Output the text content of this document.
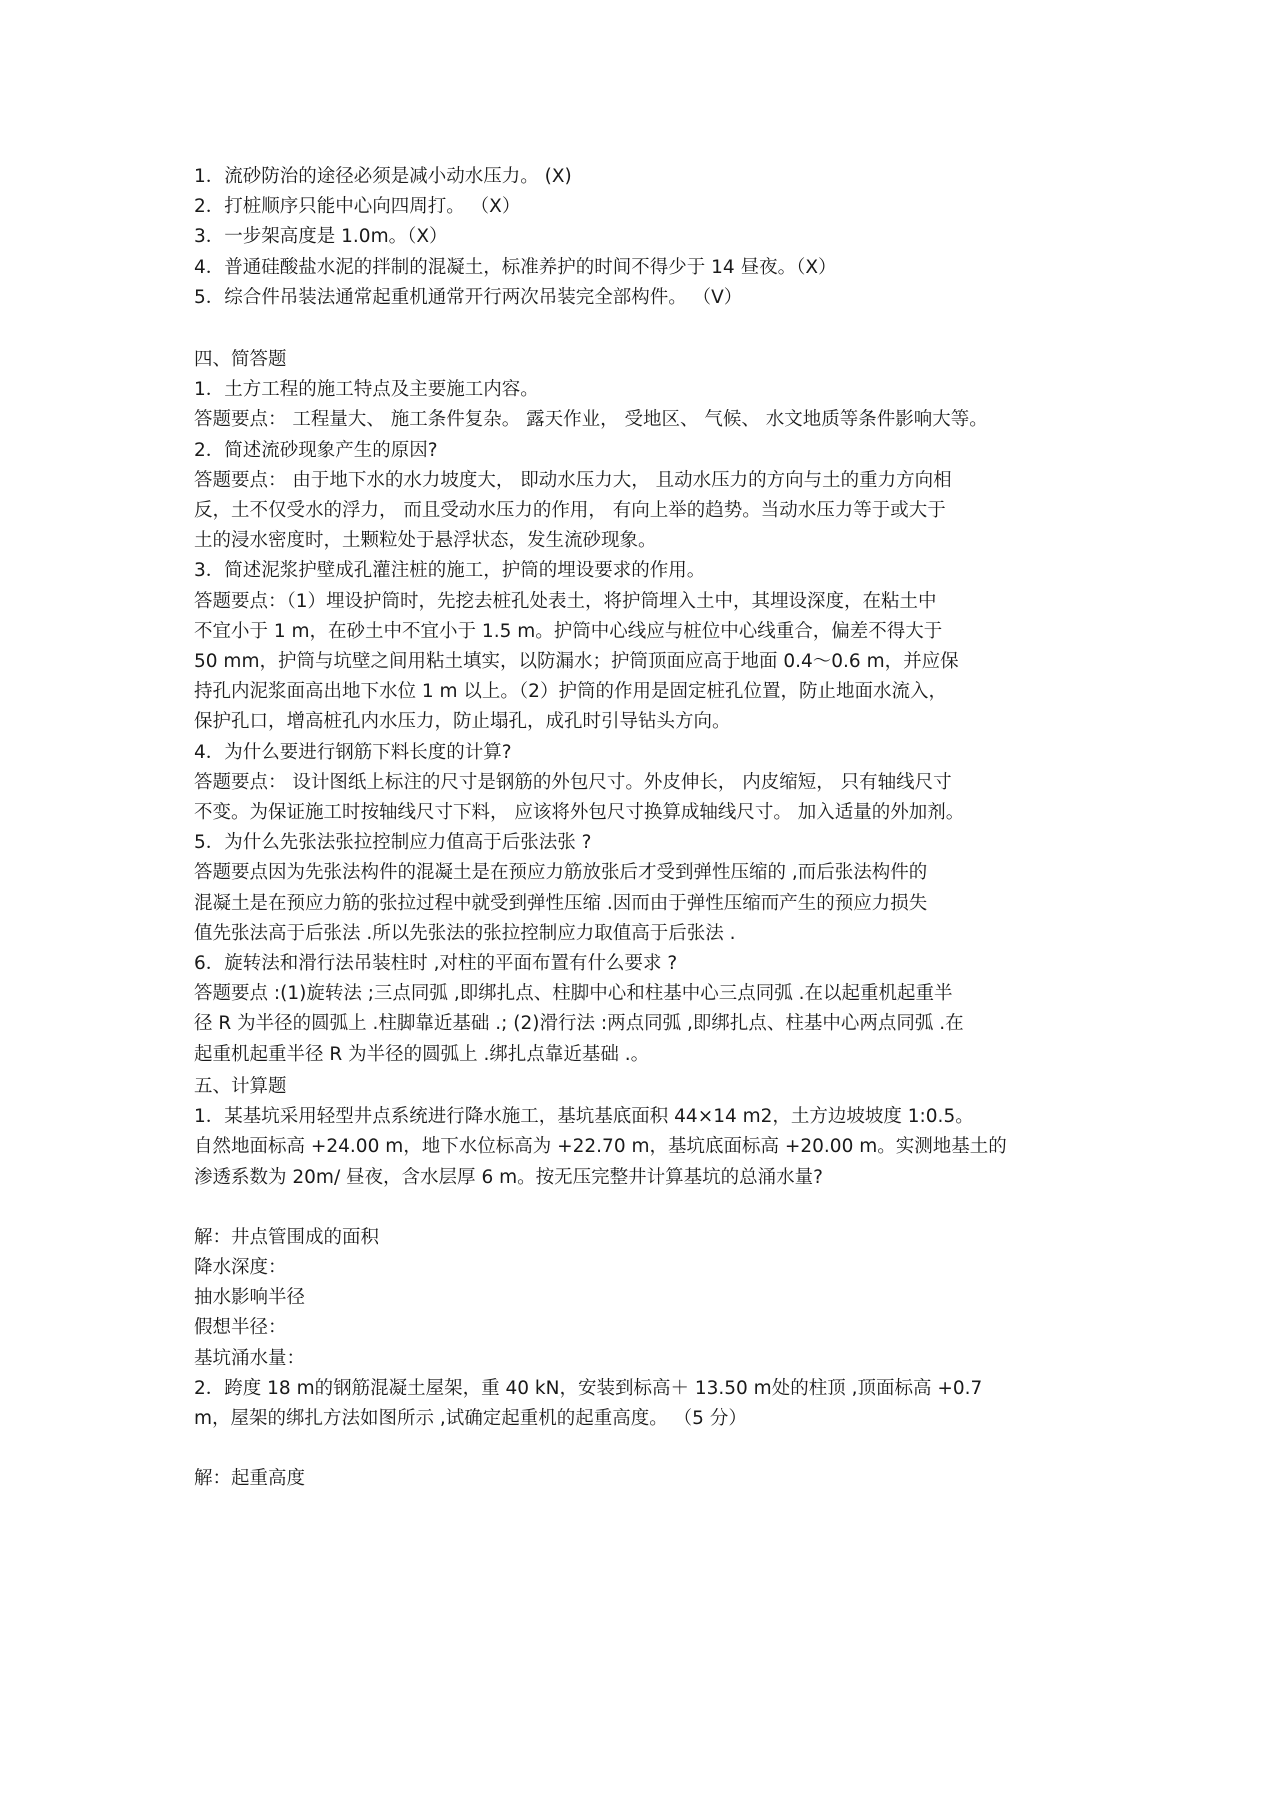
1．流砂防治的途径必须是减小动水压力。 (X)

2．打桩顺序只能中心向四周打。 （X）

3．一步架高度是 1.0m。（X）

4．普通硅酸盐水泥的拌制的混凝土，标准养护的时间不得少于 14 昼夜。（X）

5．综合件吊装法通常起重机通常开行两次吊装完全部构件。 （V）

四、简答题

1．土方工程的施工特点及主要施工内容。

答题要点： 工程量大、 施工条件复杂。 露天作业， 受地区、 气候、 水文地质等条件影响大等。

2．简述流砂现象产生的原因?

答题要点： 由于地下水的水力坡度大， 即动水压力大， 且动水压力的方向与土的重力方向相

反，土不仅受水的浮力， 而且受动水压力的作用， 有向上举的趋势。当动水压力等于或大于

土的浸水密度时，土颗粒处于悬浮状态，发生流砂现象。

3．简述泥浆护壁成孔灌注桩的施工，护筒的埋设要求的作用。

答题要点：（1）埋设护筒时，先挖去桩孔处表土，将护筒埋入土中，其埋设深度，在粘土中

不宜小于 1 m，在砂土中不宜小于 1.5 m。护筒中心线应与桩位中心线重合，偏差不得大于

50 mm，护筒与坑壁之间用粘土填实，以防漏水；护筒顶面应高于地面 0.4～0.6 m，并应保

持孔内泥浆面高出地下水位 1 m 以上。（2）护筒的作用是固定桩孔位置，防止地面水流入，

保护孔口，增高桩孔内水压力，防止塌孔，成孔时引导钻头方向。

4．为什么要进行钢筋下料长度的计算?

答题要点： 设计图纸上标注的尺寸是钢筋的外包尺寸。外皮伸长， 内皮缩短， 只有轴线尺寸

不变。为保证施工时按轴线尺寸下料， 应该将外包尺寸换算成轴线尺寸。 加入适量的外加剂。

5．为什么先张法张拉控制应力值高于后张法张 ?

答题要点因为先张法构件的混凝土是在预应力筋放张后才受到弹性压缩的 ,而后张法构件的

混凝土是在预应力筋的张拉过程中就受到弹性压缩 .因而由于弹性压缩而产生的预应力损失

值先张法高于后张法 .所以先张法的张拉控制应力取值高于后张法 .

6．旋转法和滑行法吊装柱时 ,对柱的平面布置有什么要求 ?

答题要点 :(1)旋转法 ;三点同弧 ,即绑扎点、柱脚中心和柱基中心三点同弧 .在以起重机起重半

径 R 为半径的圆弧上 .柱脚靠近基础 .; (2)滑行法 :两点同弧 ,即绑扎点、柱基中心两点同弧 .在

起重机起重半径 R 为半径的圆弧上 .绑扎点靠近基础 .。

五、计算题

1．某基坑采用轻型井点系统进行降水施工，基坑基底面积 44×14 m2，土方边坡坡度 1:0.5。

自然地面标高 +24.00 m，地下水位标高为 +22.70 m，基坑底面标高 +20.00 m。实测地基土的

渗透系数为 20m/ 昼夜，含水层厚 6 m。按无压完整井计算基坑的总涌水量?

解：井点管围成的面积

降水深度：

抽水影响半径

假想半径：

基坑涌水量：

2．跨度 18 m的钢筋混凝土屋架，重 40 kN，安装到标高＋ 13.50 m处的柱顶 ,顶面标高 +0.7

m，屋架的绑扎方法如图所示 ,试确定起重机的起重高度。 （5 分）

解：起重高度
